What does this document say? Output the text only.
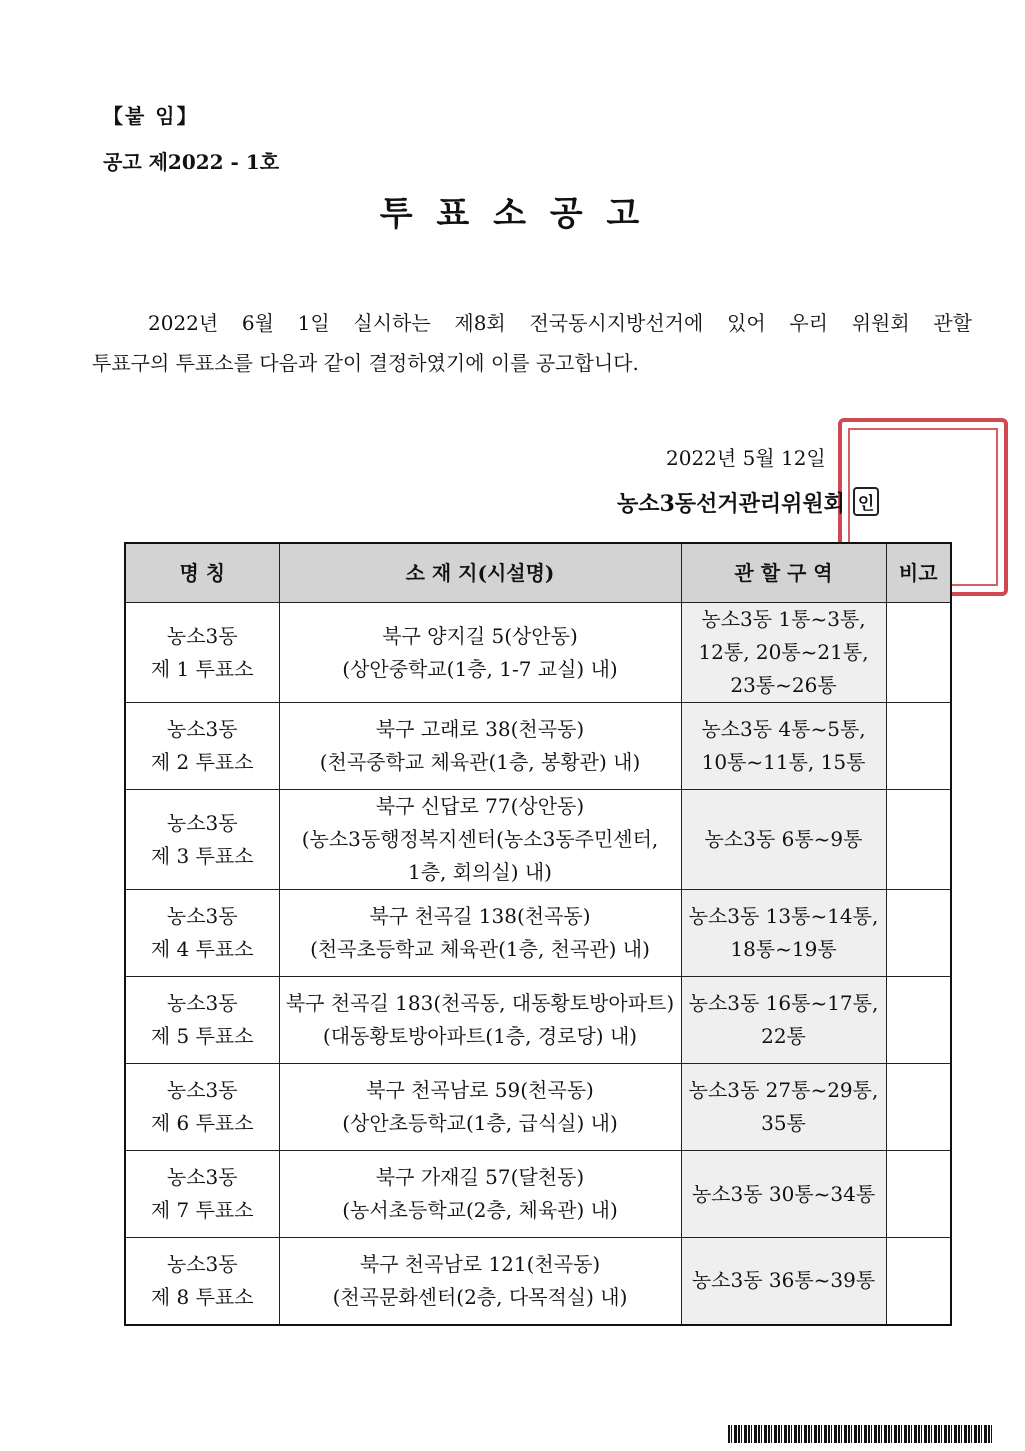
【붙 임】
공고 제2022 - 1호
투 표 소 공 고
2022년 6월 1일 실시하는 제8회 전국동시지방선거에 있어 우리 위원회 관할
투표구의 투표소를 다음과 같이 결정하였기에 이를 공고합니다.
2022년 5월 12일
농소3동선거관리위원회 인
명 칭	소 재 지(시설명)	관 할 구 역	비고

농소3동
제 1 투표소	북구 양지길 5(상안동)
(상안중학교(1층, 1-7 교실) 내)	농소3동 1통~3통,
12통, 20통~21통,
23통~26통	

농소3동
제 2 투표소	북구 고래로 38(천곡동)
(천곡중학교 체육관(1층, 봉황관) 내)	농소3동 4통~5통,
10통~11통, 15통	

농소3동
제 3 투표소	북구 신답로 77(상안동)
(농소3동행정복지센터(농소3동주민센터,
1층, 회의실) 내)	농소3동 6통~9통	

농소3동
제 4 투표소	북구 천곡길 138(천곡동)
(천곡초등학교 체육관(1층, 천곡관) 내)	농소3동 13통~14통,
18통~19통	

농소3동
제 5 투표소	북구 천곡길 183(천곡동, 대동황토방아파트)
(대동황토방아파트(1층, 경로당) 내)	농소3동 16통~17통, 22통	

농소3동
제 6 투표소	북구 천곡남로 59(천곡동)
(상안초등학교(1층, 급식실) 내)	농소3동 27통~29통, 35통	

농소3동
제 7 투표소	북구 가재길 57(달천동)
(농서초등학교(2층, 체육관) 내)	농소3동 30통~34통	

농소3동
제 8 투표소	북구 천곡남로 121(천곡동)
(천곡문화센터(2층, 다목적실) 내)	농소3동 36통~39통	
